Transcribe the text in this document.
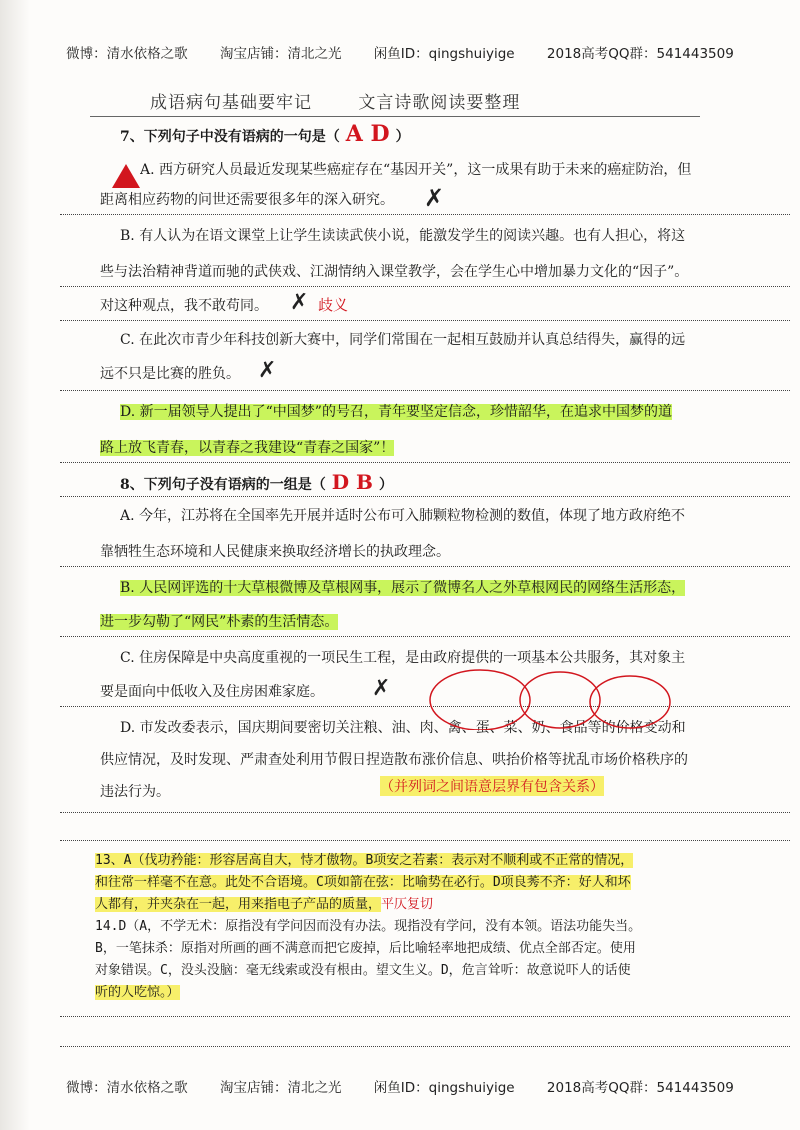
微博：清水依格之歌 淘宝店铺：清北之光 闲鱼ID：qingshuiyige 2018高考QQ群：541443509
成语病句基础要牢记	文言诗歌阅读要整理
7、下列句子中没有语病的一句是（ A D ）
A. 西方研究人员最近发现某些癌症存在“基因开关”，这一成果有助于未来的癌症防治，但
距离相应药物的问世还需要很多年的深入研究。	✗
B. 有人认为在语文课堂上让学生读读武侠小说，能激发学生的阅读兴趣。也有人担心，将这
些与法治精神背道而驰的武侠戏、江湖情纳入课堂教学，会在学生心中增加暴力文化的“因子”。
对这种观点，我不敢苟同。	✗ 歧义
C. 在此次市青少年科技创新大赛中，同学们常围在一起相互鼓励并认真总结得失，赢得的远
远不只是比赛的胜负。 ✗
D. 新一届领导人提出了“中国梦”的号召，青年要坚定信念，珍惜韶华，在追求中国梦的道
路上放飞青春，以青春之我建设“青春之国家”！
8、下列句子没有语病的一组是（ D B ）
A. 今年，江苏将在全国率先开展并适时公布可入肺颗粒物检测的数值，体现了地方政府绝不
靠牺牲生态环境和人民健康来换取经济增长的执政理念。
B. 人民网评选的十大草根微博及草根网事，展示了微博名人之外草根网民的网络生活形态，
进一步勾勒了“网民”朴素的生活情态。
C. 住房保障是中央高度重视的一项民生工程，是由政府提供的一项基本公共服务，其对象主
要是面向中低收入及住房困难家庭。	✗
D. 市发改委表示，国庆期间要密切关注粮、油、肉、禽、蛋、菜、奶、食品等的价格变动和
供应情况，及时发现、严肃查处利用节假日捏造散布涨价信息、哄抬价格等扰乱市场价格秩序的
违法行为。	（并列词之间语意层界有包含关系）
13、A（伐功矜能：形容居高自大，恃才傲物。B项安之若素：表示对不顺利或不正常的情况，
和往常一样毫不在意。此处不合语境。C项如箭在弦：比喻势在必行。D项良莠不齐：好人和坏
人都有，并夹杂在一起，用来指电子产品的质量，平仄复切
14.D（A，不学无术：原指没有学问因而没有办法。现指没有学问，没有本领。语法功能失当。
B，一笔抹杀：原指对所画的画不满意而把它废掉，后比喻轻率地把成绩、优点全部否定。使用
对象错误。C，没头没脑：毫无线索或没有根由。望文生义。D，危言耸听：故意说吓人的话使
听的人吃惊。）
微博：清水依格之歌 淘宝店铺：清北之光 闲鱼ID：qingshuiyige 2018高考QQ群：541443509
